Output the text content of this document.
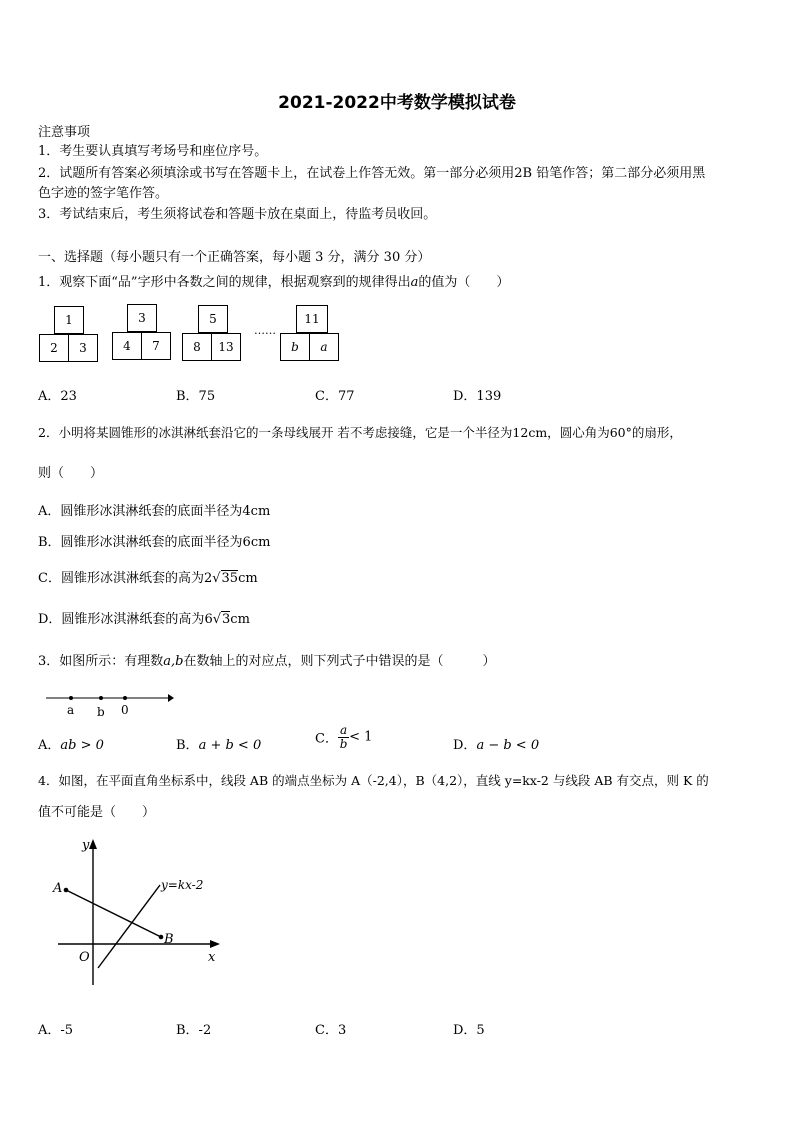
2021-2022中考数学模拟试卷
注意事项
1．考生要认真填写考场号和座位序号。
2．试题所有答案必须填涂或书写在答题卡上，在试卷上作答无效。第一部分必须用2B 铅笔作答；第二部分必须用黑
色字迹的签字笔作答。
3．考试结束后，考生须将试卷和答题卡放在桌面上，待监考员收回。
一、选择题（每小题只有一个正确答案，每小题 3 分，满分 30 分）
1．观察下面“品”字形中各数之间的规律，根据观察到的规律得出a的值为（　　）
1
2	3
3
4	7
5
8	13
……
11
b	a
A．23	B．75	C．77	D．139
2．小明将某圆锥形的冰淇淋纸套沿它的一条母线展开 若不考虑接缝，它是一个半径为12cm，圆心角为60°的扇形，
则（　　）
A．圆锥形冰淇淋纸套的底面半径为4cm
B．圆锥形冰淇淋纸套的底面半径为6cm
C．圆锥形冰淇淋纸套的高为2√35cm
D．圆锥形冰淇淋纸套的高为6√3cm
3．如图所示：有理数a,b在数轴上的对应点，则下列式子中错误的是（　　　）
a b 0
A．ab > 0	B．a + b < 0	C． $\frac{a}{b} < 1$
D．a − b < 0
4．如图，在平面直角坐标系中，线段 AB 的端点坐标为 A（-2,4），B（4,2），直线 y=kx-2 与线段 AB 有交点，则 K 的
值不可能是（　　）
y
x
O
A
B
y=kx-2
A．-5	B．-2	C．3	D．5
